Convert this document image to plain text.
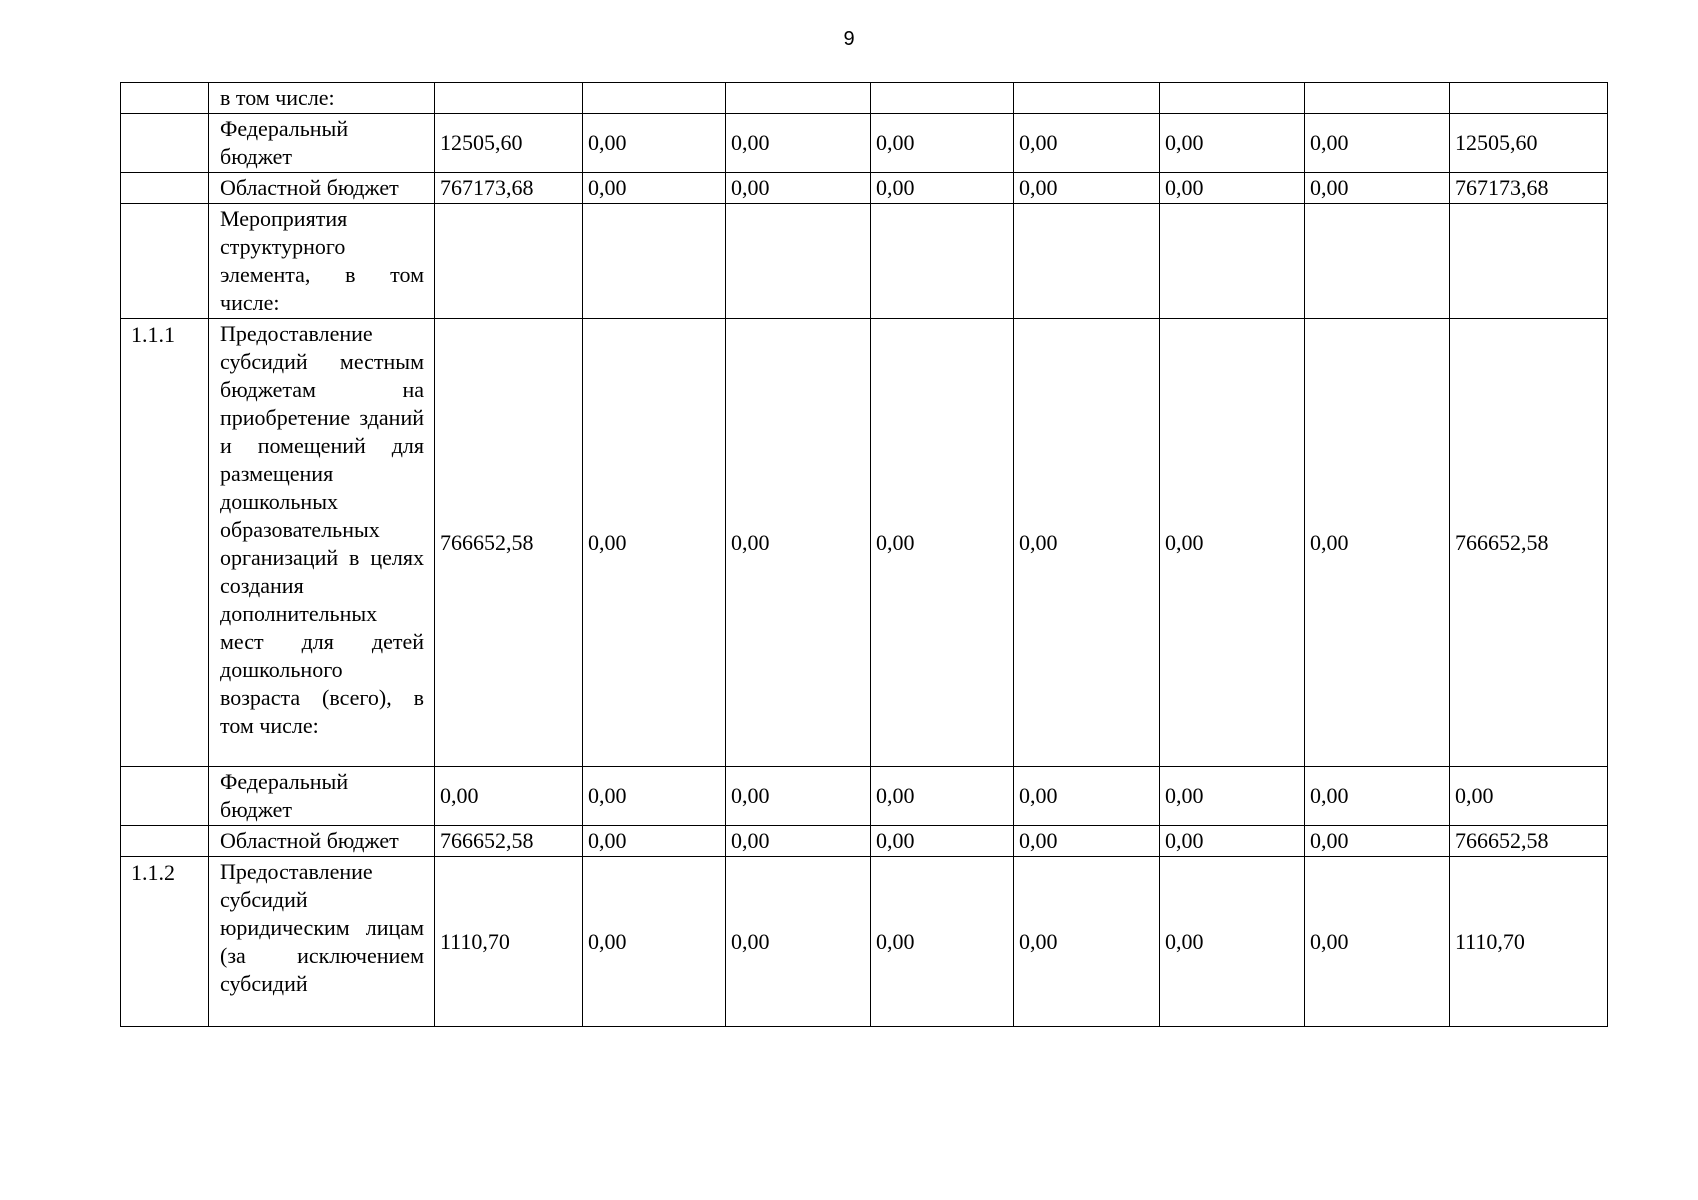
9

	в том числе:								

	Федеральный бюджет	12505,60	0,00	0,00	0,00	0,00	0,00	0,00	12505,60

	Областной бюджет	767173,68	0,00	0,00	0,00	0,00	0,00	0,00	767173,68

	Мероприятия структурного элемента, в том числе:								

1.1.1	Предоставление субсидий местным бюджетам на приобретение зданий и помещений для размещения дошкольных образовательных организаций в целях создания дополнительных мест для детей дошкольного возраста (всего), в том числе:	766652,58	0,00	0,00	0,00	0,00	0,00	0,00	766652,58

	Федеральный бюджет	0,00	0,00	0,00	0,00	0,00	0,00	0,00	0,00

	Областной бюджет	766652,58	0,00	0,00	0,00	0,00	0,00	0,00	766652,58
1.1.2	Предоставление субсидий юридическим лицам (за исключением субсидий	1110,70	0,00	0,00	0,00	0,00	0,00	0,00	1110,70
